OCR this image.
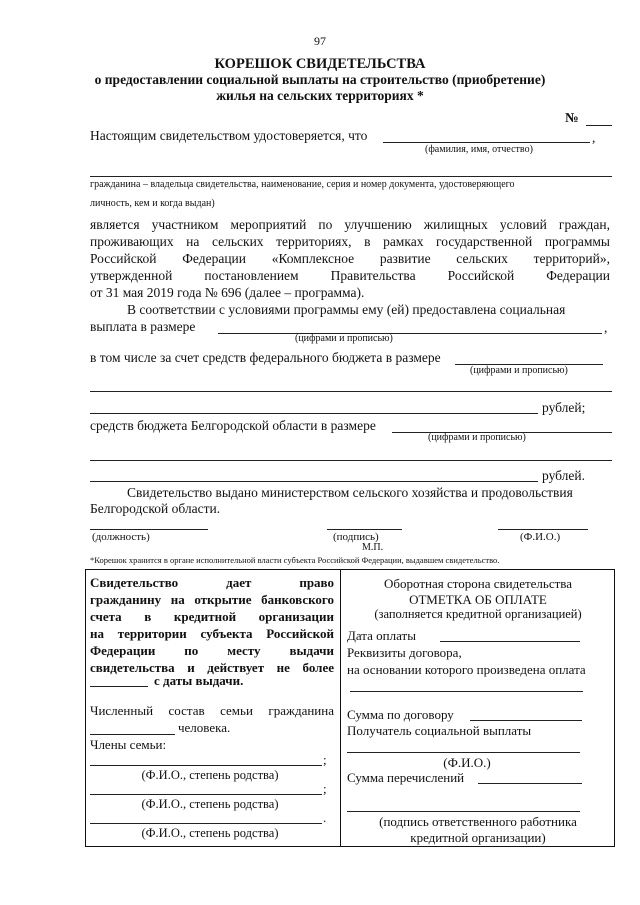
97
КОРЕШОК СВИДЕТЕЛЬСТВА
о предоставлении социальной выплаты на строительство (приобретение)
жилья на сельских территориях *
№
Настоящим свидетельством удостоверяется, что	,
(фамилия, имя, отчество)
гражданина – владельца свидетельства, наименование, серия и номер документа, удостоверяющего
личность, кем и когда выдан)
является участником мероприятий по улучшению жилищных условий граждан,
проживающих на сельских территориях, в рамках государственной программы
Российской Федерации «Комплексное развитие сельских территорий»,
утвержденной постановлением Правительства Российской Федерации
от 31 мая 2019 года № 696 (далее – программа).
В соответствии с условиями программы ему (ей) предоставлена социальная
выплата в размере	,
(цифрами и прописью)
в том числе за счет средств федерального бюджета в размере
(цифрами и прописью)
рублей;
средств бюджета Белгородской области в размере
(цифрами и прописью)
рублей.
Свидетельство выдано министерством сельского хозяйства и продовольствия
Белгородской области.
(должность)	(подпись)
М.П.
(Ф.И.О.)
*Корешок хранится в органе исполнительной власти субъекта Российской Федерации, выдавшем свидетельство.
Свидетельство дает право
гражданину на открытие банковского
счета в кредитной организации
на территории субъекта Российской
Федерации по месту выдачи
свидетельства и действует не более
с даты выдачи.
Численный состав семьи гражданина
человека.
Члены семьи:
;
(Ф.И.О., степень родства)
;
(Ф.И.О., степень родства)
.
(Ф.И.О., степень родства)
Оборотная сторона свидетельства
ОТМЕТКА ОБ ОПЛАТЕ
(заполняется кредитной организацией)
Дата оплаты
Реквизиты договора,
на основании которого произведена оплата
Сумма по договору
Получатель социальной выплаты
(Ф.И.О.)
Сумма перечислений
(подпись ответственного работника
кредитной организации)
